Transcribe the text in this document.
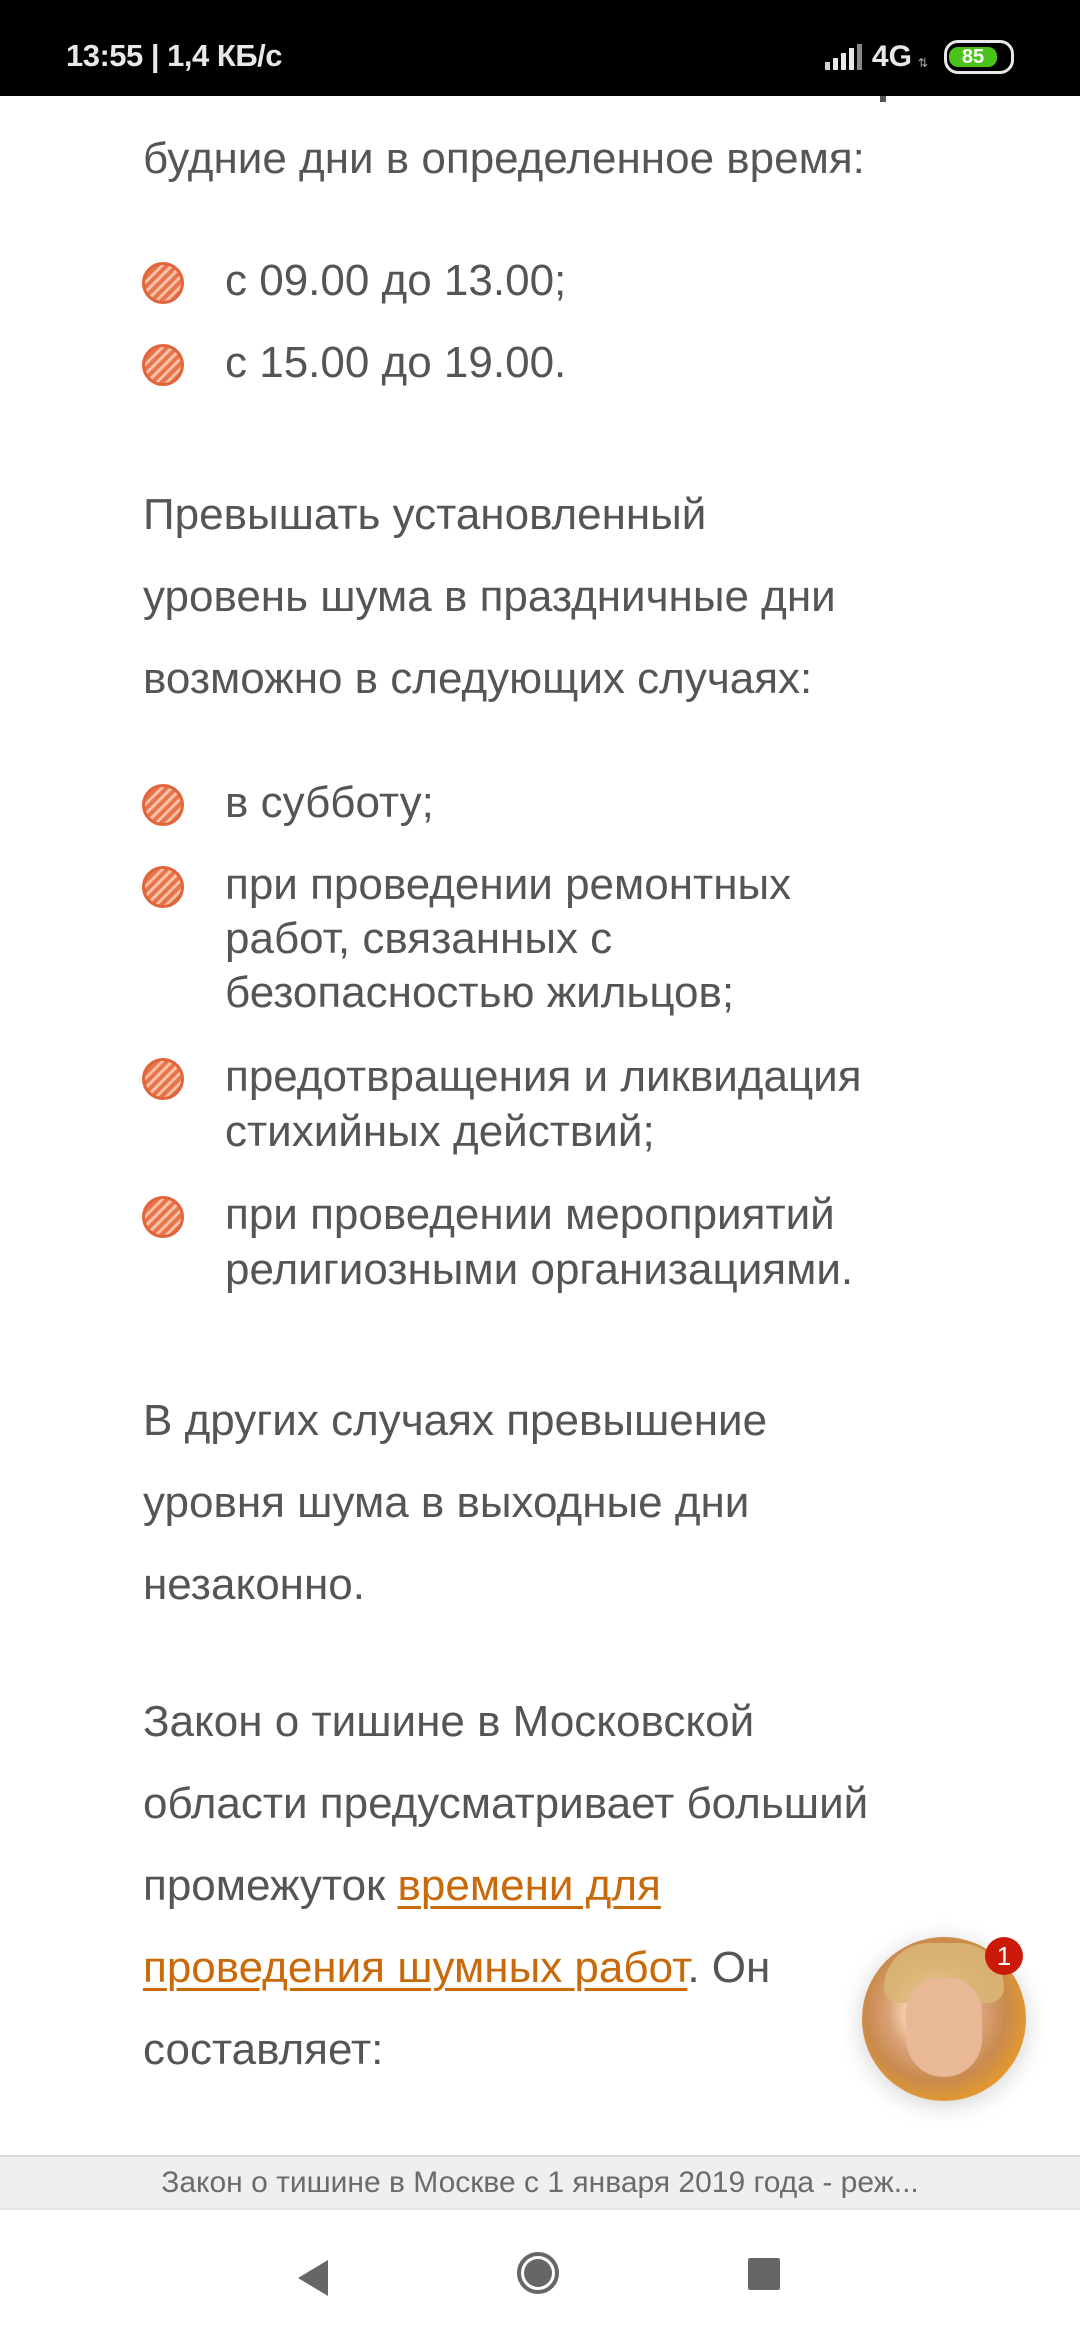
13:55 | 1,4 КБ/с	4G ⇅	85
будние дни в определенное время:
с 09.00 до 13.00;
с 15.00 до 19.00.
Превышать установленный
уровень шума в праздничные дни
возможно в следующих случаях:
в субботу;
при проведении ремонтных
работ, связанных с
безопасностью жильцов;
предотвращения и ликвидация
стихийных действий;
при проведении мероприятий
религиозными организациями.
В других случаях превышение
уровня шума в выходные дни
незаконно.
Закон о тишине в Московской
области предусматривает больший
промежуток времени для
проведения шумных работ. Он
составляет:
1
Закон о тишине в Москве с 1 января 2019 года - реж...
